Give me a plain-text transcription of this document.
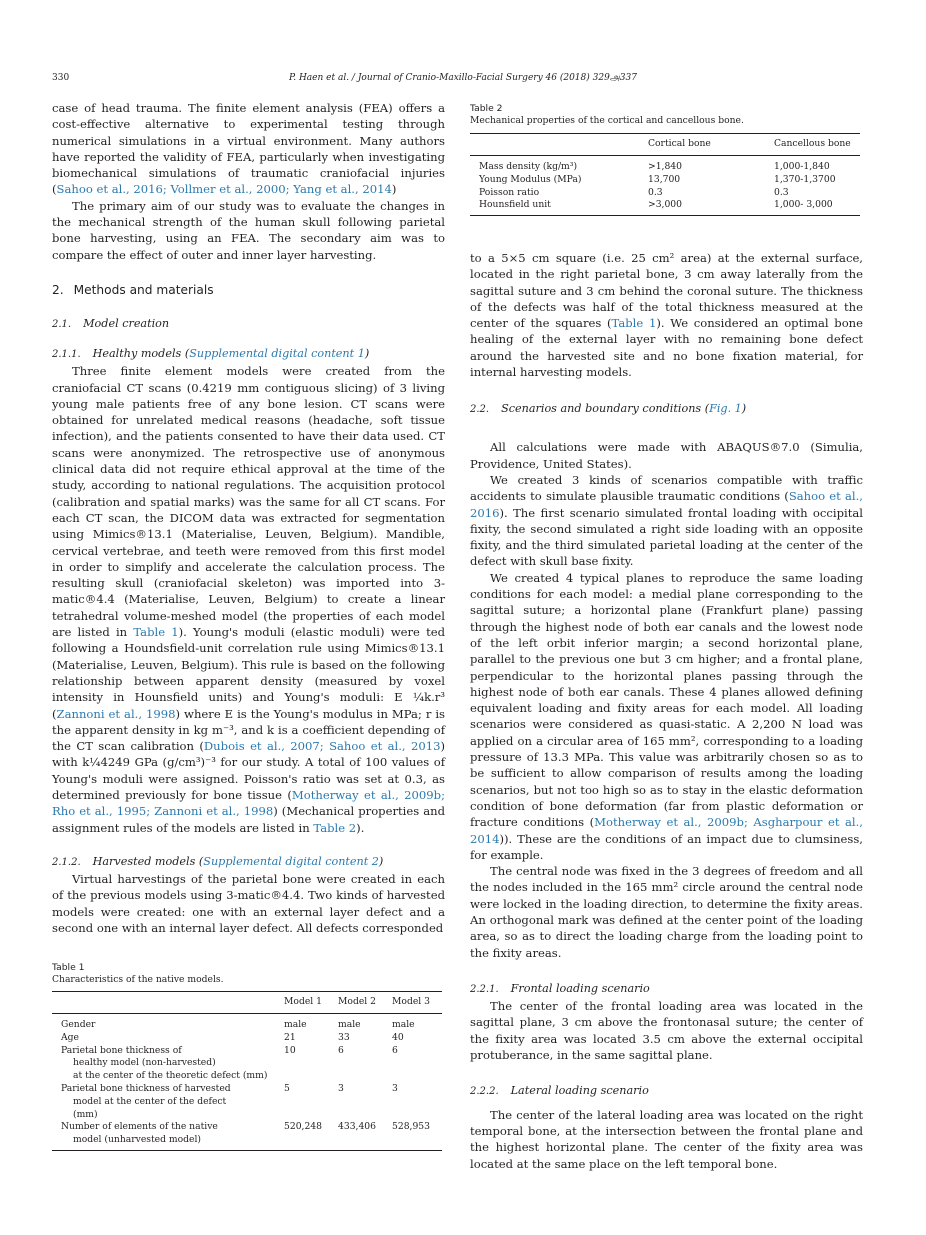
330	P. Haen et al. / Journal of Cranio-Maxillo-Facial Surgery 46 (2018) 329அ337

case of head trauma. The finite element analysis (FEA) offers a cost-effective alternative to experimental testing through numerical simulations in a virtual environment. Many authors have reported the validity of FEA, particularly when investigating biomechanical simulations of traumatic craniofacial injuries (Sahoo et al., 2016; Vollmer et al., 2000; Yang et al., 2014)

The primary aim of our study was to evaluate the changes in the mechanical strength of the human skull following parietal bone harvesting, using an FEA. The secondary aim was to compare the effect of outer and inner layer harvesting.

2. Methods and materials
2.1. Model creation
2.1.1. Healthy models (Supplemental digital content 1)

Three finite element models were created from the craniofacial CT scans (0.4219 mm contiguous slicing) of 3 living young male patients free of any bone lesion. CT scans were obtained for unrelated medical reasons (headache, soft tissue infection), and the patients consented to have their data used. CT scans were anonymized. The retrospective use of anonymous clinical data did not require ethical approval at the time of the study, according to national regulations. The acquisition protocol (calibration and spatial marks) was the same for all CT scans. For each CT scan, the DICOM data was extracted for segmentation using Mimics®13.1 (Materialise, Leuven, Belgium). Mandible, cervical vertebrae, and teeth were removed from this first model in order to simplify and accelerate the calculation process. The resulting skull (craniofacial skeleton) was imported into 3-matic®4.4 (Materialise, Leuven, Belgium) to create a linear tetrahedral volume-meshed model (the properties of each model are listed in Table 1). Young's moduli (elastic moduli) were ted following a Houndsfield-unit correlation rule using Mimics®13.1 (Materialise, Leuven, Belgium). This rule is based on the following relationship between apparent density (measured by voxel intensity in Hounsfield units) and Young's moduli: E ¼k.r³ (Zannoni et al., 1998) where E is the Young's modulus in MPa; r is the apparent density in kg m⁻³, and k is a coefficient depending of the CT scan calibration (Dubois et al., 2007; Sahoo et al., 2013) with k¼4249 GPa (g/cm³)⁻³ for our study. A total of 100 values of Young's moduli were assigned. Poisson's ratio was set at 0.3, as determined previously for bone tissue (Motherway et al., 2009b; Rho et al., 1995; Zannoni et al., 1998) (Mechanical properties and assignment rules of the models are listed in Table 2).

2.1.2. Harvested models (Supplemental digital content 2)

Virtual harvestings of the parietal bone were created in each of the previous models using 3-matic®4.4. Two kinds of harvested models were created: one with an external layer defect and a second one with an internal layer defect. All defects corresponded

Table 1
Characteristics of the native models.
	Model 1	Model 2	Model 3
Gender	male	male	male
Age	21	33	40

Parietal bone thickness of
healthy model (non-harvested)
at the center of the theoretic defect (mm)	10	6	6

Parietal bone thickness of harvested
model at the center of the defect
(mm)	5	3	3

Number of elements of the native
model (unharvested model)	520,248	433,406	528,953
Table 2
Mechanical properties of the cortical and cancellous bone.
	Cortical bone	Cancellous bone
Mass density (kg/m³)	>1,840	1,000-1,840
Young Modulus (MPa)	13,700	1,370-1,3700
Poisson ratio	0.3	0.3
Hounsfield unit	>3,000	1,000- 3,000

to a 5×5 cm square (i.e. 25 cm² area) at the external surface, located in the right parietal bone, 3 cm away laterally from the sagittal suture and 3 cm behind the coronal suture. The thickness of the defects was half of the total thickness measured at the center of the squares (Table 1). We considered an optimal bone healing of the external layer with no remaining bone defect around the harvested site and no bone fixation material, for internal harvesting models.

2.2. Scenarios and boundary conditions (Fig. 1)

All calculations were made with ABAQUS®7.0 (Simulia, Providence, United States).

We created 3 kinds of scenarios compatible with traffic accidents to simulate plausible traumatic conditions (Sahoo et al., 2016). The first scenario simulated frontal loading with occipital fixity, the second simulated a right side loading with an opposite fixity, and the third simulated parietal loading at the center of the defect with skull base fixity.

We created 4 typical planes to reproduce the same loading conditions for each model: a medial plane corresponding to the sagittal suture; a horizontal plane (Frankfurt plane) passing through the highest node of both ear canals and the lowest node of the left orbit inferior margin; a second horizontal plane, parallel to the previous one but 3 cm higher; and a frontal plane, perpendicular to the horizontal planes passing through the highest node of both ear canals. These 4 planes allowed defining equivalent loading and fixity areas for each model. All loading scenarios were considered as quasi-static. A 2,200 N load was applied on a circular area of 165 mm², corresponding to a loading pressure of 13.3 MPa. This value was arbitrarily chosen so as to be sufficient to allow comparison of results among the loading scenarios, but not too high so as to stay in the elastic deformation condition of bone deformation (far from plastic deformation or fracture conditions (Motherway et al., 2009b; Asgharpour et al., 2014)). These are the conditions of an impact due to clumsiness, for example.

The central node was fixed in the 3 degrees of freedom and all the nodes included in the 165 mm² circle around the central node were locked in the loading direction, to determine the fixity areas. An orthogonal mark was defined at the center point of the loading area, so as to direct the loading charge from the loading point to the fixity areas.

2.2.1. Frontal loading scenario

The center of the frontal loading area was located in the sagittal plane, 3 cm above the frontonasal suture; the center of the fixity area was located 3.5 cm above the external occipital protuberance, in the same sagittal plane.

2.2.2. Lateral loading scenario

The center of the lateral loading area was located on the right temporal bone, at the intersection between the frontal plane and the highest horizontal plane. The center of the fixity area was located at the same place on the left temporal bone.
